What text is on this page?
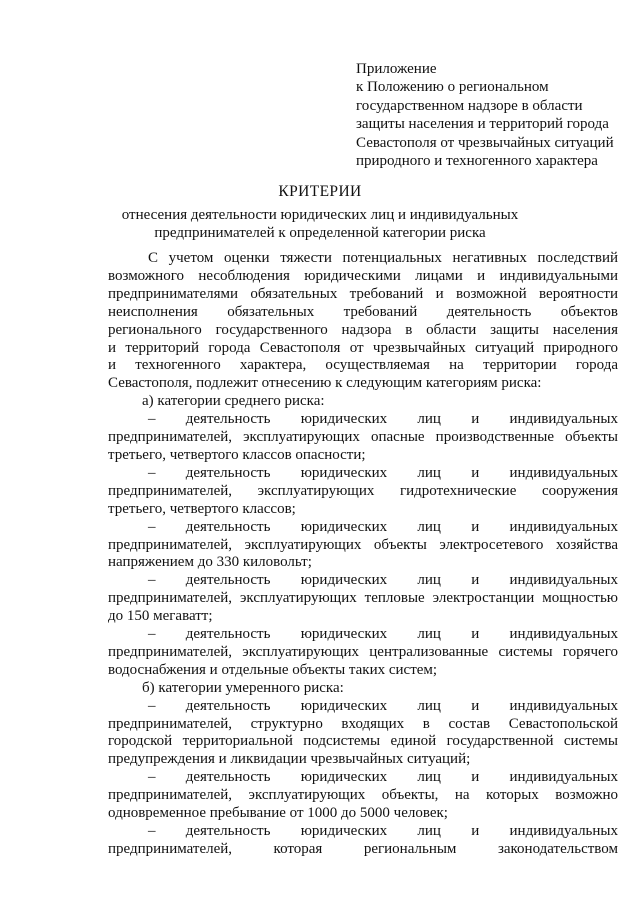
Приложение
к Положению о региональном
государственном надзоре в области
защиты населения и территорий города
Севастополя от чрезвычайных ситуаций
природного и техногенного характера
КРИТЕРИИ
отнесения деятельности юридических лиц и индивидуальных
предпринимателей к определенной категории риска
С учетом оценки тяжести потенциальных негативных последствий
возможного несоблюдения юридическими лицами и индивидуальными
предпринимателями обязательных требований и возможной вероятности
неисполнения обязательных требований деятельность объектов
регионального государственного надзора в области защиты населения
и территорий города Севастополя от чрезвычайных ситуаций природного
и техногенного характера, осуществляемая на территории города
Севастополя, подлежит отнесению к следующим категориям риска:
а) категории среднего риска:
– деятельность юридических лиц и индивидуальных
предпринимателей, эксплуатирующих опасные производственные объекты
третьего, четвертого классов опасности;
– деятельность юридических лиц и индивидуальных
предпринимателей, эксплуатирующих гидротехнические сооружения
третьего, четвертого классов;
– деятельность юридических лиц и индивидуальных
предпринимателей, эксплуатирующих объекты электросетевого хозяйства
напряжением до 330 киловольт;
– деятельность юридических лиц и индивидуальных
предпринимателей, эксплуатирующих тепловые электростанции мощностью
до 150 мегаватт;
– деятельность юридических лиц и индивидуальных
предпринимателей, эксплуатирующих централизованные системы горячего
водоснабжения и отдельные объекты таких систем;
б) категории умеренного риска:
– деятельность юридических лиц и индивидуальных
предпринимателей, структурно входящих в состав Севастопольской
городской территориальной подсистемы единой государственной системы
предупреждения и ликвидации чрезвычайных ситуаций;
– деятельность юридических лиц и индивидуальных
предпринимателей, эксплуатирующих объекты, на которых возможно
одновременное пребывание от 1000 до 5000 человек;
– деятельность юридических лиц и индивидуальных
предпринимателей, которая региональным законодательством
